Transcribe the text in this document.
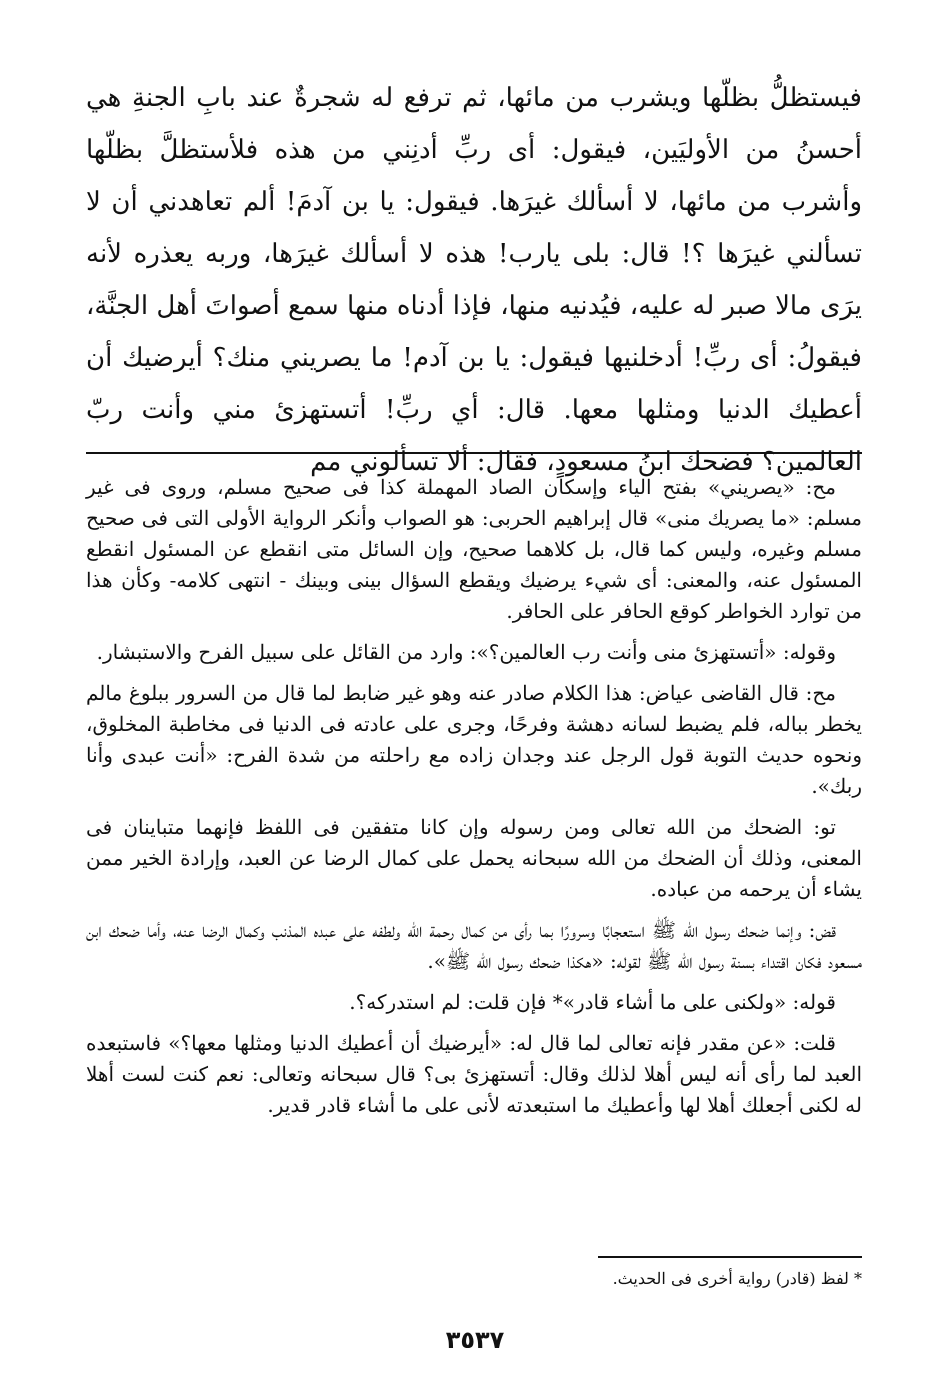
فيستظلُّ بظلّها ويشرب من مائها، ثم ترفع له شجرةٌ عند بابِ الجنةِ هي أحسنُ من الأوليَين، فيقول: أى ربِّ أدنِني من هذه فلأستظلَّ بظلّها وأشرب من مائها، لا أسألك غيرَها. فيقول: يا بن آدمَ! ألم تعاهدني أن لا تسألني غيرَها ؟! قال: بلى يارب! هذه لا أسألك غيرَها، وربه يعذره لأنه يرَى مالا صبر له عليه، فيُدنيه منها، فإذا أدناه منها سمع أصواتَ أهل الجنَّة، فيقولُ: أى ربِّ! أدخلنيها فيقول: يا بن آدم! ما يصريني منك؟ أيرضيك أن أعطيك الدنيا ومثلها معها. قال: أي ربِّ! أتستهزئ مني وأنت ربّ العالمين؟ فضحك ابنُ مسعودٍ، فقال: ألا تسألوني مم

مح: «يصريني» بفتح الياء وإسكان الصاد المهملة كذا فى صحيح مسلم، وروى فى غير مسلم: «ما يصريك منى» قال إبراهيم الحربى: هو الصواب وأنكر الرواية الأولى التى فى صحيح مسلم وغيره، وليس كما قال، بل كلاهما صحيح، وإن السائل متى انقطع عن المسئول انقطع المسئول عنه، والمعنى: أى شيء يرضيك ويقطع السؤال بينى وبينك - انتهى كلامه- وكأن هذا من توارد الخواطر كوقع الحافر على الحافر.

وقوله: «أتستهزئ منى وأنت رب العالمين؟»: وارد من القائل على سبيل الفرح والاستبشار.

مح: قال القاضى عياض: هذا الكلام صادر عنه وهو غير ضابط لما قال من السرور ببلوغ مالم يخطر بباله، فلم يضبط لسانه دهشة وفرحًا، وجرى على عادته فى الدنيا فى مخاطبة المخلوق، ونحوه حديث التوبة قول الرجل عند وجدان زاده مع راحلته من شدة الفرح: «أنت عبدى وأنا ربك».

تو: الضحك من الله تعالى ومن رسوله وإن كانا متفقين فى اللفظ فإنهما متباينان فى المعنى، وذلك أن الضحك من الله سبحانه يحمل على كمال الرضا عن العبد، وإرادة الخير ممن يشاء أن يرحمه من عباده.

قض: وإنما ضحك رسول الله ﷺ استعجابًا وسرورًا بما رأى من كمال رحمة الله ولطفه على عبده المذنب وكمال الرضا عنه، وأما ضحك ابن مسعود فكان اقتداء بسنة رسول الله ﷺ لقوله: «هكذا ضحك رسول الله ﷺ».

قوله: «ولكنى على ما أشاء قادر»* فإن قلت: لم استدركه؟.

قلت: «عن مقدر فإنه تعالى لما قال له: «أيرضيك أن أعطيك الدنيا ومثلها معها؟» فاستبعده العبد لما رأى أنه ليس أهلا لذلك وقال: أتستهزئ بى؟ قال سبحانه وتعالى: نعم كنت لست أهلا له لكنى أجعلك أهلا لها وأعطيك ما استبعدته لأنى على ما أشاء قادر قدير.

* لفظ (قادر) رواية أخرى فى الحديث.

٣٥٣٧
